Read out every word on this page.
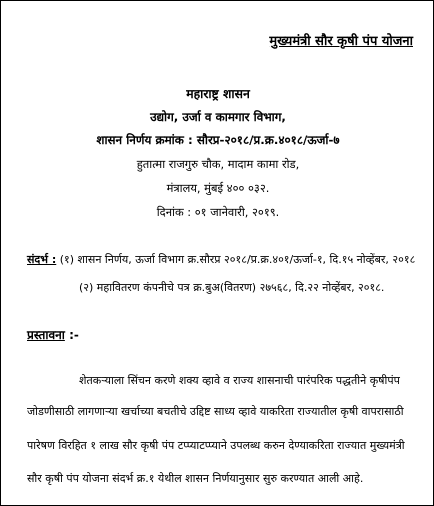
मुख्यमंत्री सौर कृषी पंप योजना
महाराष्ट्र शासन
उद्योग, उर्जा व कामगार विभाग,
शासन निर्णय क्रमांक : सौरप्र-२०१८/प्र.क्र.४०१८/ऊर्जा-७
हुतात्मा राजगुरु चौक, मादाम कामा रोड,
मंत्रालय, मुंबई ४०० ०३२.
दिनांक : ०१ जानेवारी, २०१९.
संदर्भ : (१) शासन निर्णय, ऊर्जा विभाग क्र.सौरप्र २०१८/प्र.क्र.४०१/ऊर्जा-१, दि.१५ नोव्हेंबर, २०१८
(२) महावितरण कंपनीचे पत्र क्र.बुअ(वितरण) २७५६८, दि.२२ नोव्हेंबर, २०१८.
प्रस्तावना :-
शेतकऱ्याला सिंचन करणे शक्य व्हावे व राज्य शासनाची पारंपरिक पद्धतीने कृषीपंप
जोडणीसाठी लागणाऱ्या खर्चाच्या बचतीचे उद्दिष्ट साध्य व्हावे याकरिता राज्यातील कृषी वापरासाठी
पारेषण विरहित १ लाख सौर कृषी पंप टप्प्याटप्प्याने उपलब्ध करुन देण्याकरिता राज्यात मुख्यमंत्री
सौर कृषी पंप योजना संदर्भ क्र.१ येथील शासन निर्णयानुसार सुरु करण्यात आली आहे.
